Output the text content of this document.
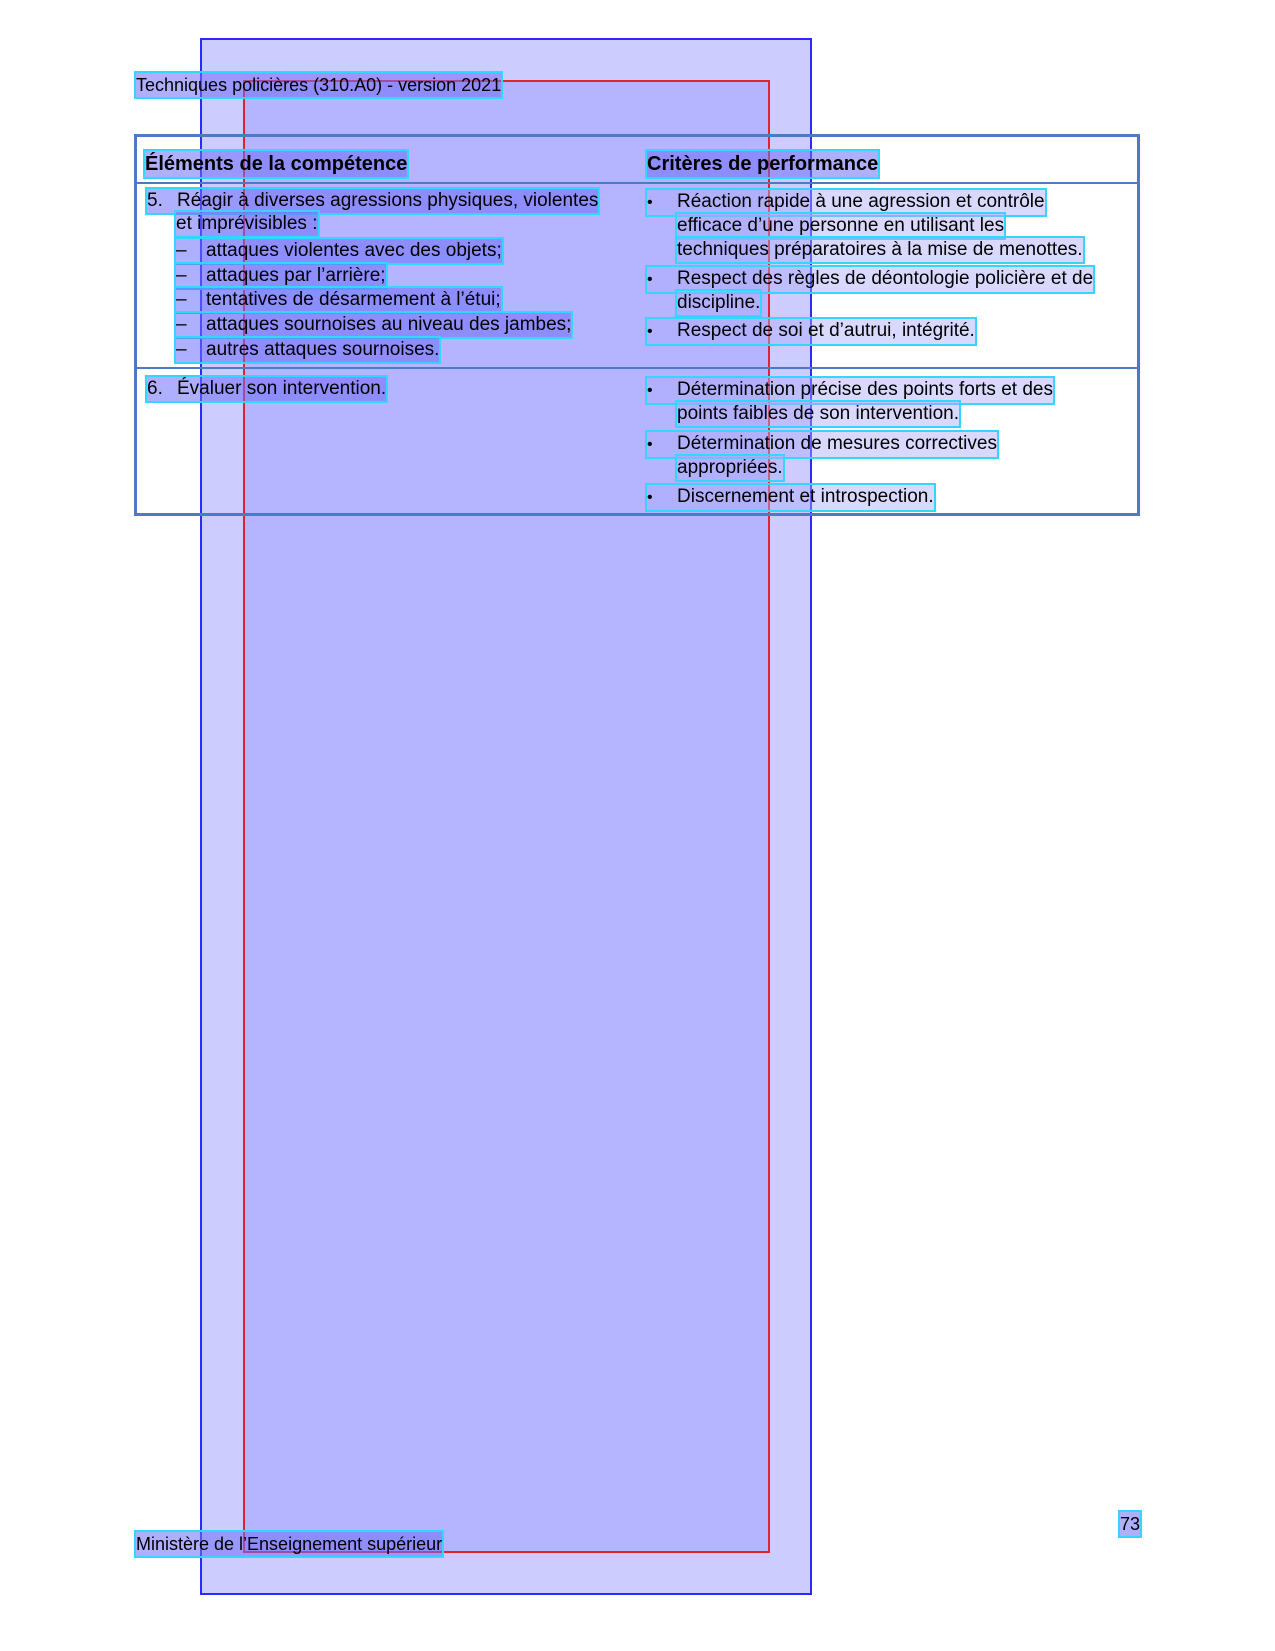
Techniques policières (310.A0) - version 2021
Éléments de la compétence	Critères de performance
5. Réagir à diverses agressions physiques, violentes
et imprévisibles :
– attaques violentes avec des objets;
– attaques par l’arrière;
– tentatives de désarmement à l’étui;
– attaques sournoises au niveau des jambes;
– autres attaques sournoises.
• Réaction rapide à une agression et contrôle
efficace d’une personne en utilisant les
techniques préparatoires à la mise de menottes.
• Respect des règles de déontologie policière et de
discipline.
• Respect de soi et d’autrui, intégrité.
6. Évaluer son intervention.	• Détermination précise des points forts et des
points faibles de son intervention.
• Détermination de mesures correctives
appropriées.
• Discernement et introspection.
73
Ministère de l’Enseignement supérieur
